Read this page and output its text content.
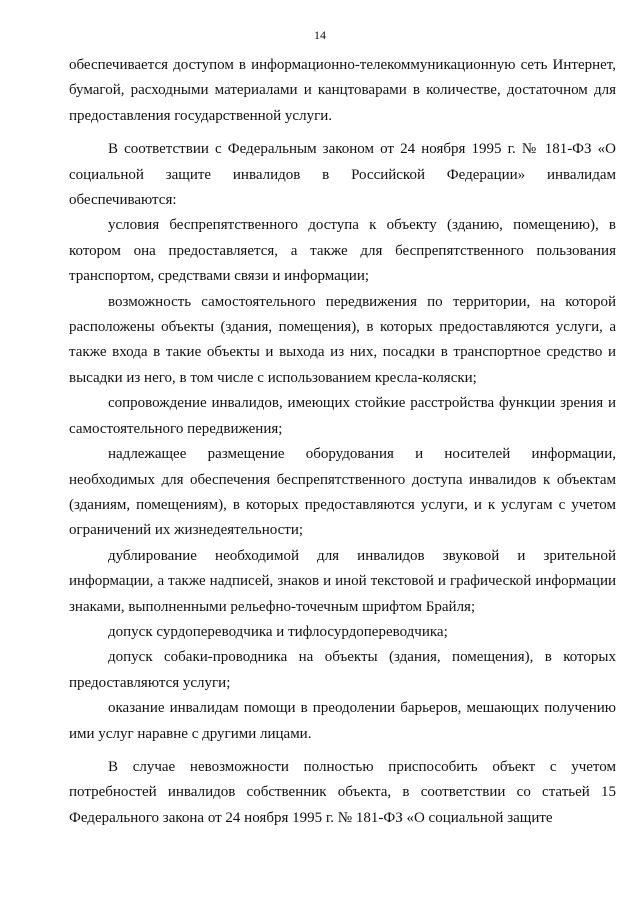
14

обеспечивается доступом в информационно-телекоммуникационную сеть Интернет, бумагой, расходными материалами и канцтоварами в количестве, достаточном для предоставления государственной услуги.

В соответствии с Федеральным законом от 24 ноября 1995 г. № 181-ФЗ «О социальной защите инвалидов в Российской Федерации» инвалидам обеспечиваются:

условия беспрепятственного доступа к объекту (зданию, помещению), в котором она предоставляется, а также для беспрепятственного пользования транспортом, средствами связи и информации;

возможность самостоятельного передвижения по территории, на которой расположены объекты (здания, помещения), в которых предоставляются услуги, а также входа в такие объекты и выхода из них, посадки в транспортное средство и высадки из него, в том числе с использованием кресла-коляски;

сопровождение инвалидов, имеющих стойкие расстройства функции зрения и самостоятельного передвижения;

надлежащее размещение оборудования и носителей информации, необходимых для обеспечения беспрепятственного доступа инвалидов к объектам (зданиям, помещениям), в которых предоставляются услуги, и к услугам с учетом ограничений их жизнедеятельности;

дублирование необходимой для инвалидов звуковой и зрительной информации, а также надписей, знаков и иной текстовой и графической информации знаками, выполненными рельефно-точечным шрифтом Брайля;

допуск сурдопереводчика и тифлосурдопереводчика;

допуск собаки-проводника на объекты (здания, помещения), в которых предоставляются услуги;

оказание инвалидам помощи в преодолении барьеров, мешающих получению ими услуг наравне с другими лицами.

В случае невозможности полностью приспособить объект с учетом потребностей инвалидов собственник объекта, в соответствии со статьей 15 Федерального закона от 24 ноября 1995 г. № 181-ФЗ «О социальной защите
